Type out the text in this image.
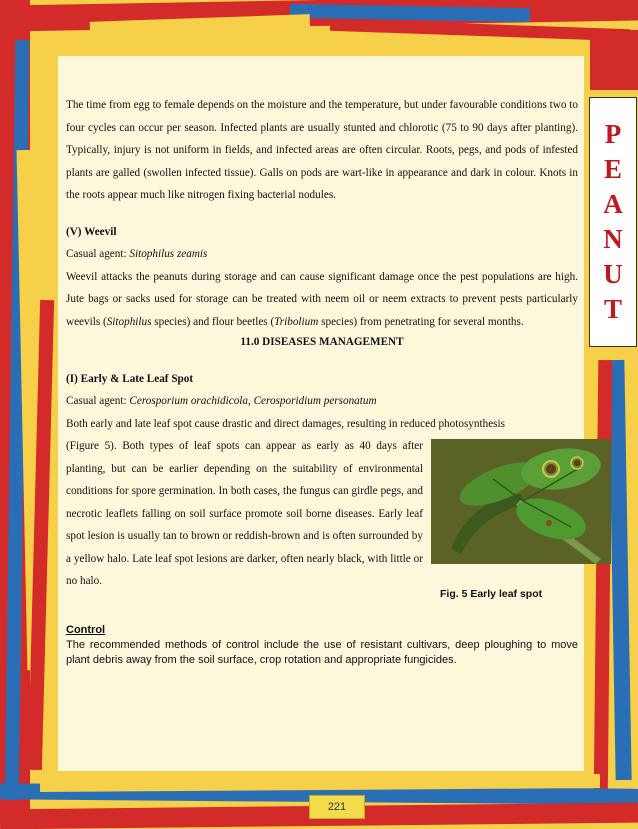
The time from egg to female depends on the moisture and the temperature, but under favourable conditions two to four cycles can occur per season. Infected plants are usually stunted and chlorotic (75 to 90 days after planting). Typically, injury is not uniform in fields, and infected areas are often circular. Roots, pegs, and pods of infested plants are galled (swollen infected tissue). Galls on pods are wart-like in appearance and dark in colour. Knots in the roots appear much like nitrogen fixing bacterial nodules.

(V) Weevil

Casual agent: Sitophilus zeamis

Weevil attacks the peanuts during storage and can cause significant damage once the pest populations are high. Jute bags or sacks used for storage can be treated with neem oil or neem extracts to prevent pests particularly weevils (Sitophilus species) and flour beetles (Tribolium species) from penetrating for several months.

11.0 DISEASES MANAGEMENT

(I) Early & Late Leaf Spot

Casual agent: Cerosporium orachidicola, Cerosporidium personatum

Both early and late leaf spot cause drastic and direct damages, resulting in reduced photosynthesis

(Figure 5). Both types of leaf spots can appear as early as 40 days after planting, but can be earlier depending on the suitability of environmental conditions for spore germination. In both cases, the fungus can girdle pegs, and necrotic leaflets falling on soil surface promote soil borne diseases. Early leaf spot lesion is usually tan to brown or reddish-brown and is often surrounded by a yellow halo. Late leaf spot lesions are darker, often nearly black, with little or no halo.

Control

The recommended methods of control include the use of resistant cultivars, deep ploughing to move plant debris away from the soil surface, crop rotation and appropriate fungicides.

Fig. 5 Early leaf spot
P
E
A
N
U
T
221
